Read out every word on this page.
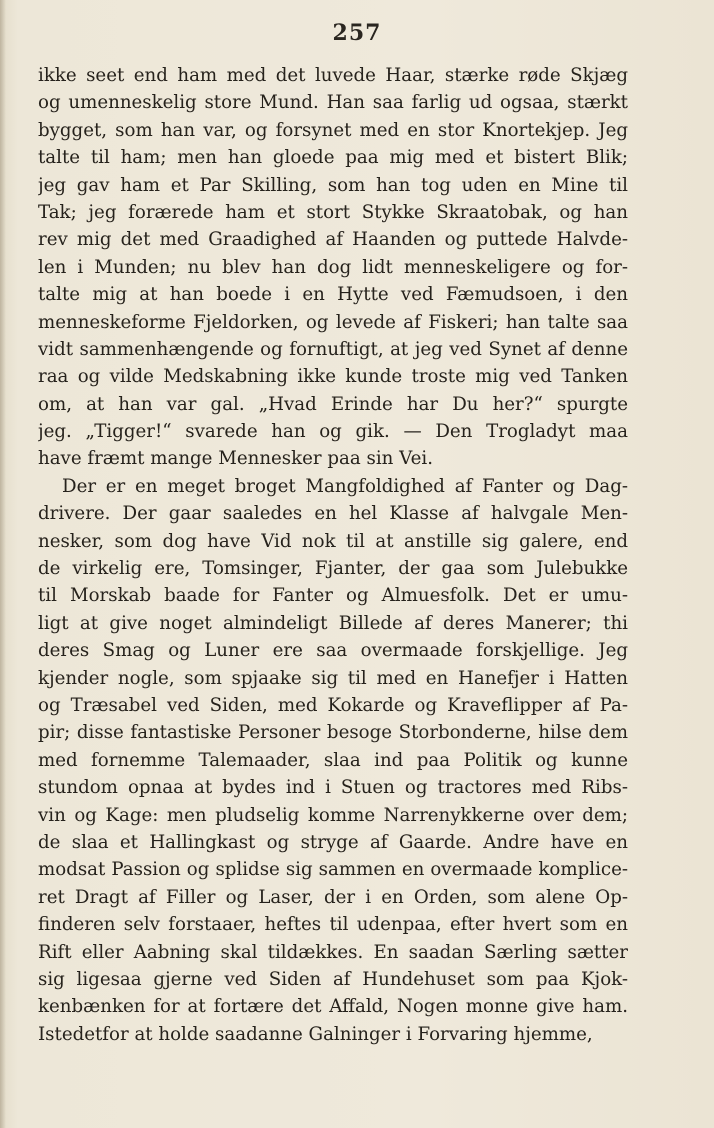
257
ikke seet end ham med det luvede Haar, stærke røde Skjæg
og umenneskelig store Mund. Han saa farlig ud ogsaa, stærkt
bygget, som han var, og forsynet med en stor Knortekjep. Jeg
talte til ham; men han gloede paa mig med et bistert Blik;
jeg gav ham et Par Skilling, som han tog uden en Mine til
Tak; jeg forærede ham et stort Stykke Skraatobak, og han
rev mig det med Graadighed af Haanden og puttede Halvde-
len i Munden; nu blev han dog lidt menneskeligere og for-
talte mig at han boede i en Hytte ved Fæmudsoen, i den
menneskeforme Fjeldorken, og levede af Fiskeri; han talte saa
vidt sammenhængende og fornuftigt, at jeg ved Synet af denne
raa og vilde Medskabning ikke kunde troste mig ved Tanken
om, at han var gal. „Hvad Erinde har Du her?“ spurgte
jeg. „Tigger!“ svarede han og gik. — Den Trogladyt maa
have fræmt mange Mennesker paa sin Vei.
Der er en meget broget Mangfoldighed af Fanter og Dag-
drivere. Der gaar saaledes en hel Klasse af halvgale Men-
nesker, som dog have Vid nok til at anstille sig galere, end
de virkelig ere, Tomsinger, Fjanter, der gaa som Julebukke
til Morskab baade for Fanter og Almuesfolk. Det er umu-
ligt at give noget almindeligt Billede af deres Manerer; thi
deres Smag og Luner ere saa overmaade forskjellige. Jeg
kjender nogle, som spjaake sig til med en Hanefjer i Hatten
og Træsabel ved Siden, med Kokarde og Kraveflipper af Pa-
pir; disse fantastiske Personer besoge Storbonderne, hilse dem
med fornemme Talemaader, slaa ind paa Politik og kunne
stundom opnaa at bydes ind i Stuen og tractores med Ribs-
vin og Kage: men pludselig komme Narrenykkerne over dem;
de slaa et Hallingkast og stryge af Gaarde. Andre have en
modsat Passion og splidse sig sammen en overmaade komplice-
ret Dragt af Filler og Laser, der i en Orden, som alene Op-
finderen selv forstaaer, heftes til udenpaa, efter hvert som en
Rift eller Aabning skal tildækkes. En saadan Særling sætter
sig ligesaa gjerne ved Siden af Hundehuset som paa Kjok-
kenbænken for at fortære det Affald, Nogen monne give ham.
Istedetfor at holde saadanne Galninger i Forvaring hjemme,
